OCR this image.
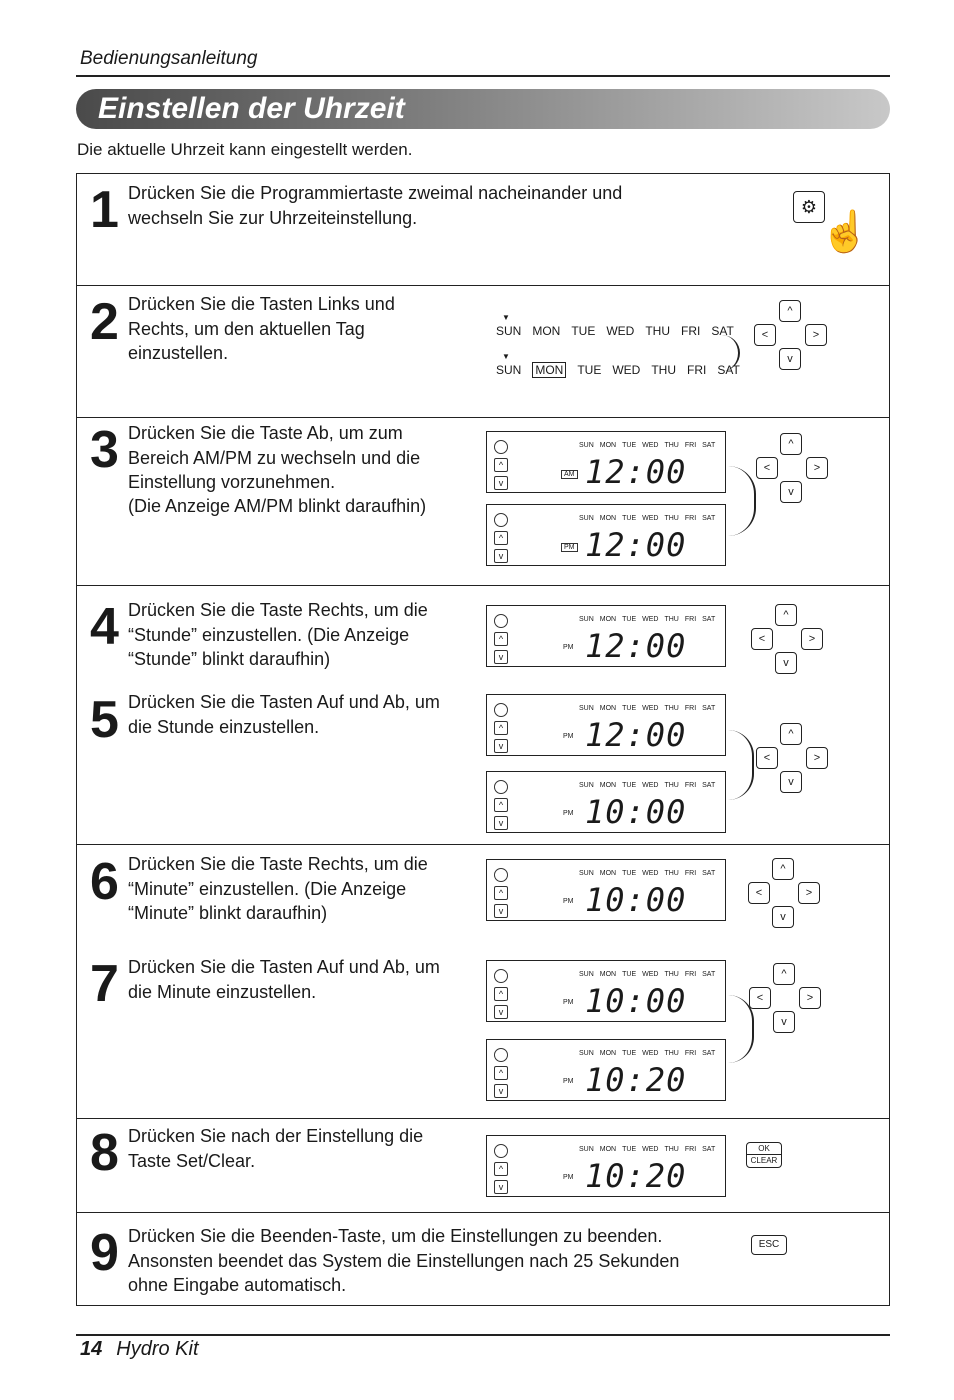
Bedienungsanleitung
Einstellen der Uhrzeit
Die aktuelle Uhrzeit kann eingestellt werden.
1 Drücken Sie die Programmiertaste zweimal nacheinander und wechseln Sie zur Uhrzeiteinstellung.
⚙
☝
2 Drücken Sie die Tasten Links und Rechts, um den aktuellen Tag einzustellen.
SUN MON TUE WED THU FRI SAT
▼
SUN MON TUE WED THU FRI SAT
▼
^
<	>
v
3 Drücken Sie die Taste Ab, um zum Bereich AM/PM zu wechseln und die Einstellung vorzunehmen.
(Die Anzeige AM/PM blinkt daraufhin)
^
v
SUN MON TUE WED THU FRI SAT
AM 12:00
^
v
SUN MON TUE WED THU FRI SAT
PM 12:00
^
<	>
v
4 Drücken Sie die Taste Rechts, um die “Stunde” einzustellen. (Die Anzeige “Stunde” blinkt daraufhin)
5 Drücken Sie die Tasten Auf und Ab, um die Stunde einzustellen.
^
v
SUN MON TUE WED THU FRI SAT
PM 12:00
^
v
SUN MON TUE WED THU FRI SAT
PM 12:00
^
v
SUN MON TUE WED THU FRI SAT
PM 10:00
^
<	>
v
^
<	>
v
6 Drücken Sie die Taste Rechts, um die “Minute” einzustellen. (Die Anzeige “Minute” blinkt daraufhin)
7 Drücken Sie die Tasten Auf und Ab, um die Minute einzustellen.
^
v
SUN MON TUE WED THU FRI SAT
PM 10:00
^
v
SUN MON TUE WED THU FRI SAT
PM 10:00
^
v
SUN MON TUE WED THU FRI SAT
PM 10:20
^
<	>
v
^
<	>
v
8 Drücken Sie nach der Einstellung die Taste Set/Clear.	^
v
SUN MON TUE WED THU FRI SAT
PM 10:20
OK
CLEAR
9 Drücken Sie die Beenden-Taste, um die Einstellungen zu beenden. Ansonsten beendet das System die Einstellungen nach 25 Sekunden ohne Eingabe automatisch.
ESC
14 Hydro Kit
